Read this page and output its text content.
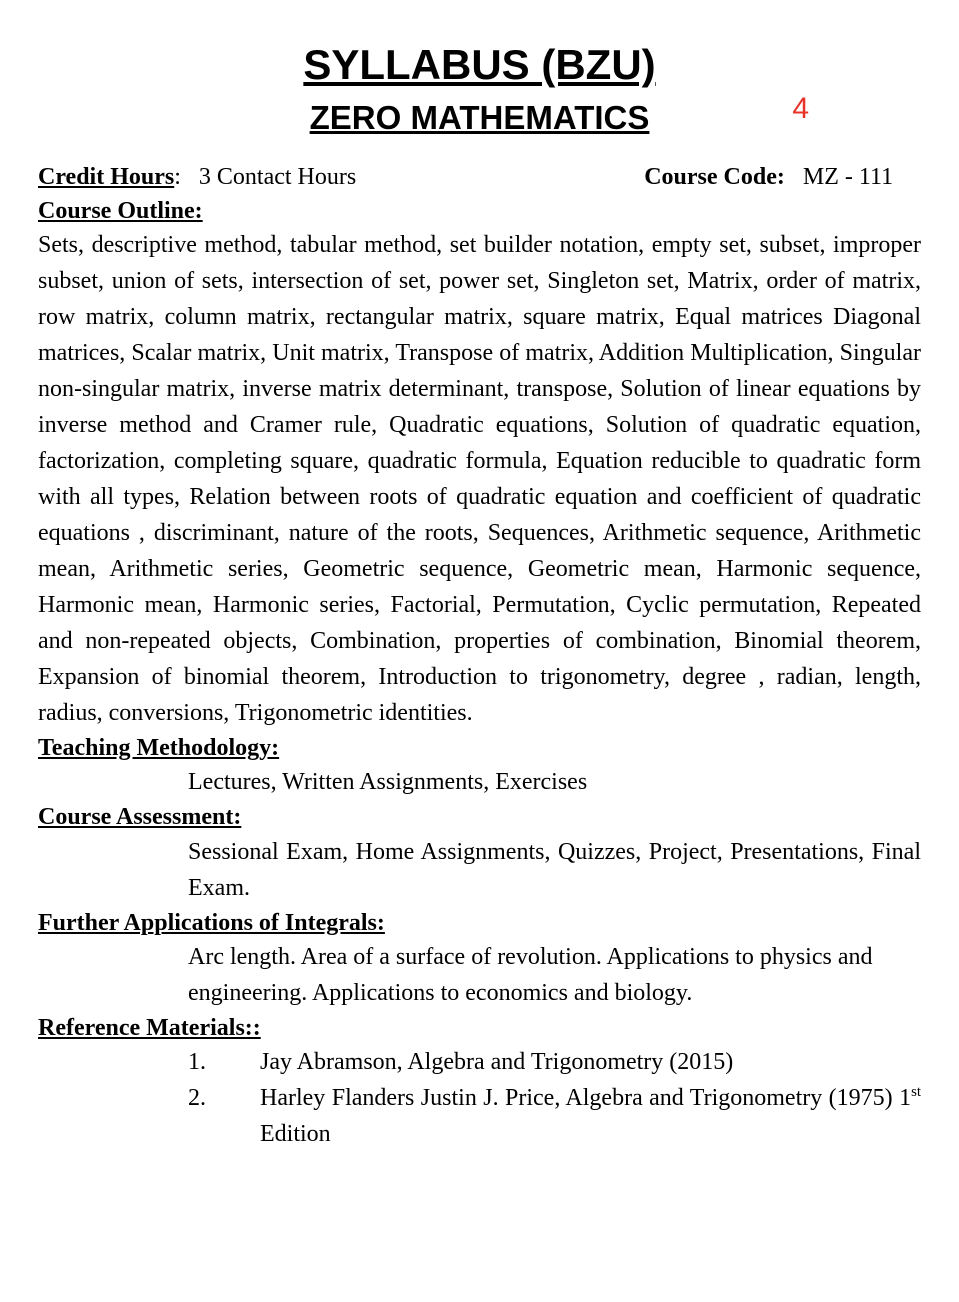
4
SYLLABUS (BZU)
ZERO MATHEMATICS
Credit Hours: 3 Contact Hours	Course Code: MZ - 111
Course Outline:
Sets, descriptive method, tabular method, set builder notation, empty set, subset, improper subset, union of sets, intersection of set, power set, Singleton set, Matrix, order of matrix, row matrix, column matrix, rectangular matrix, square matrix, Equal matrices Diagonal matrices, Scalar matrix, Unit matrix, Transpose of matrix, Addition Multiplication, Singular non-singular matrix, inverse matrix determinant, transpose, Solution of linear equations by inverse method and Cramer rule, Quadratic equations, Solution of quadratic equation, factorization, completing square, quadratic formula, Equation reducible to quadratic form with all types, Relation between roots of quadratic equation and coefficient of quadratic equations , discriminant, nature of the roots, Sequences, Arithmetic sequence, Arithmetic mean, Arithmetic series, Geometric sequence, Geometric mean, Harmonic sequence, Harmonic mean, Harmonic series, Factorial, Permutation, Cyclic permutation, Repeated and non-repeated objects, Combination, properties of combination, Binomial theorem, Expansion of binomial theorem, Introduction to trigonometry, degree , radian, length, radius, conversions, Trigonometric identities.
Teaching Methodology:
Lectures, Written Assignments, Exercises
Course Assessment:
Sessional Exam, Home Assignments, Quizzes, Project, Presentations, Final Exam.
Further Applications of Integrals:
Arc length. Area of a surface of revolution. Applications to physics and engineering. Applications to economics and biology.
Reference Materials::
1.	Jay Abramson, Algebra and Trigonometry (2015)
2.	Harley Flanders Justin J. Price, Algebra and Trigonometry (1975) 1st Edition
